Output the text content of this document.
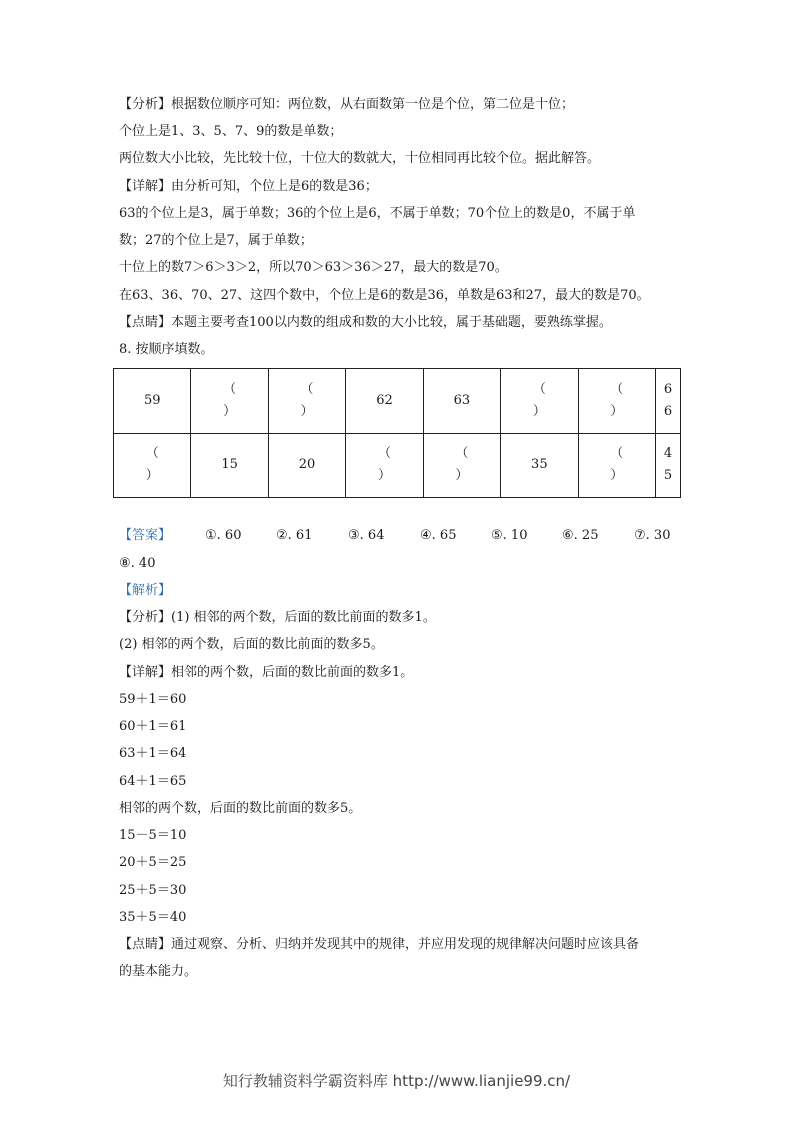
【分析】根据数位顺序可知：两位数，从右面数第一位是个位，第二位是十位；
个位上是1、3、5、7、9的数是单数；
两位数大小比较，先比较十位，十位大的数就大，十位相同再比较个位。据此解答。
【详解】由分析可知，个位上是6的数是36；
63的个位上是3，属于单数；36的个位上是6，不属于单数；70个位上的数是0，不属于单
数；27的个位上是7，属于单数；
十位上的数7＞6＞3＞2，所以70＞63＞36＞27，最大的数是70。
在63、36、70、27、这四个数中，个位上是6的数是36，单数是63和27，最大的数是70。
【点睛】本题主要考查100以内数的组成和数的大小比较，属于基础题，要熟练掌握。
8. 按顺序填数。
59	（
）	（
）	62	63	（
）	（
）	6
6

（
）	15	20	（
）	（
）	35	（
）	4
5
【答案】	①. 60	②. 61	③. 64	④. 65	⑤. 10	⑥. 25	⑦. 30
⑧. 40
【解析】
【分析】(1) 相邻的两个数，后面的数比前面的数多1。
(2) 相邻的两个数，后面的数比前面的数多5。
【详解】相邻的两个数，后面的数比前面的数多1。
59＋1＝60
60＋1＝61
63＋1＝64
64＋1＝65
相邻的两个数，后面的数比前面的数多5。
15－5＝10
20＋5＝25
25＋5＝30
35＋5＝40
【点睛】通过观察、分析、归纳并发现其中的规律，并应用发现的规律解决问题时应该具备
的基本能力。
知行教辅资料学霸资料库 http://www.lianjie99.cn/
